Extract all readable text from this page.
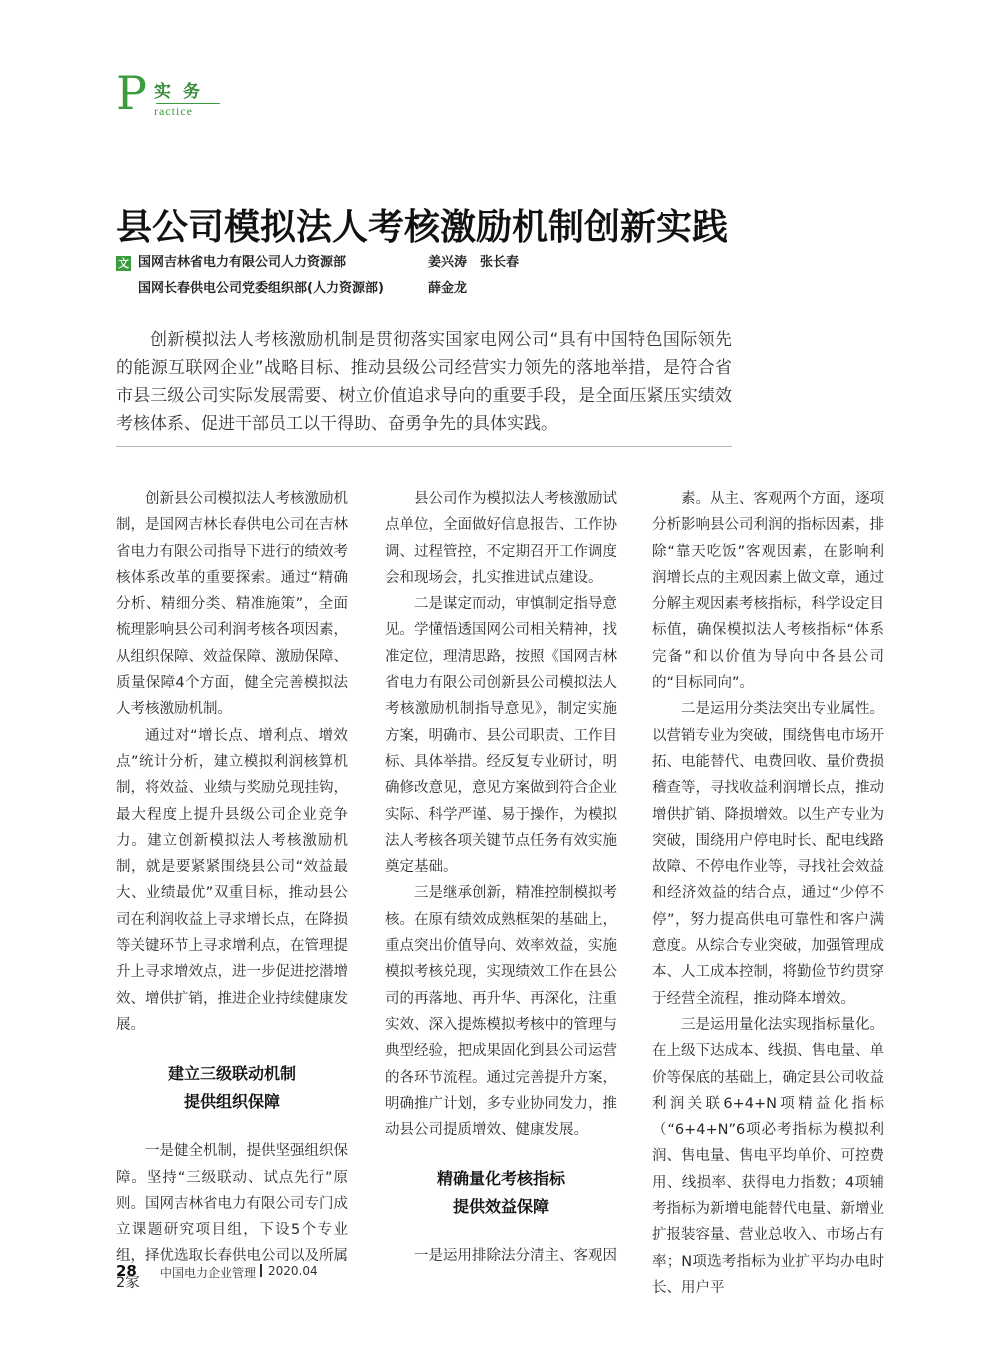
P 实务
ractice
县公司模拟法人考核激励机制创新实践
文 国网吉林省电力有限公司人力资源部	姜兴涛　张长春
国网长春供电公司党委组织部(人力资源部)	薛金龙

创新模拟法人考核激励机制是贯彻落实国家电网公司“具有中国特色国际领先的能源互联网企业”战略目标、推动县级公司经营实力领先的落地举措，是符合省市县三级公司实际发展需要、树立价值追求导向的重要手段，是全面压紧压实绩效考核体系、促进干部员工以干得助、奋勇争先的具体实践。

创新县公司模拟法人考核激励机制，是国网吉林长春供电公司在吉林省电力有限公司指导下进行的绩效考核体系改革的重要探索。通过“精确分析、精细分类、精准施策”，全面梳理影响县公司利润考核各项因素，从组织保障、效益保障、激励保障、质量保障4个方面，健全完善模拟法人考核激励机制。

通过对“增长点、增利点、增效点”统计分析，建立模拟利润核算机制，将效益、业绩与奖励兑现挂钩，最大程度上提升县级公司企业竞争力。建立创新模拟法人考核激励机制，就是要紧紧围绕县公司“效益最大、业绩最优”双重目标，推动县公司在利润收益上寻求增长点，在降损等关键环节上寻求增利点，在管理提升上寻求增效点，进一步促进挖潜增效、增供扩销，推进企业持续健康发展。

建立三级联动机制
提供组织保障

一是健全机制，提供坚强组织保障。坚持“三级联动、试点先行”原则。国网吉林省电力有限公司专门成立课题研究项目组，下设5个专业组，择优选取长春供电公司以及所属2家

县公司作为模拟法人考核激励试点单位，全面做好信息报告、工作协调、过程管控，不定期召开工作调度会和现场会，扎实推进试点建设。

二是谋定而动，审慎制定指导意见。学懂悟透国网公司相关精神，找准定位，理清思路，按照《国网吉林省电力有限公司创新县公司模拟法人考核激励机制指导意见》，制定实施方案，明确市、县公司职责、工作目标、具体举措。经反复专业研讨，明确修改意见，意见方案做到符合企业实际、科学严谨、易于操作，为模拟法人考核各项关键节点任务有效实施奠定基础。

三是继承创新，精准控制模拟考核。在原有绩效成熟框架的基础上，重点突出价值导向、效率效益，实施模拟考核兑现，实现绩效工作在县公司的再落地、再升华、再深化，注重实效、深入提炼模拟考核中的管理与典型经验，把成果固化到县公司运营的各环节流程。通过完善提升方案，明确推广计划，多专业协同发力，推动县公司提质增效、健康发展。

精确量化考核指标
提供效益保障

一是运用排除法分清主、客观因

素。从主、客观两个方面，逐项分析影响县公司利润的指标因素，排除“靠天吃饭”客观因素，在影响利润增长点的主观因素上做文章，通过分解主观因素考核指标，科学设定目标值，确保模拟法人考核指标“体系完备”和以价值为导向中各县公司的“目标同向”。

二是运用分类法突出专业属性。以营销专业为突破，围绕售电市场开拓、电能替代、电费回收、量价费损稽查等，寻找收益利润增长点，推动增供扩销、降损增效。以生产专业为突破，围绕用户停电时长、配电线路故障、不停电作业等，寻找社会效益和经济效益的结合点，通过“少停不停”，努力提高供电可靠性和客户满意度。从综合专业突破，加强管理成本、人工成本控制，将勤俭节约贯穿于经营全流程，推动降本增效。

三是运用量化法实现指标量化。在上级下达成本、线损、售电量、单价等保底的基础上，确定县公司收益利润关联6+4+N项精益化指标（“6+4+N”6项必考指标为模拟利润、售电量、售电平均单价、可控费用、线损率、获得电力指数；4项辅考指标为新增电能替代电量、新增业扩报装容量、营业总收入、市场占有率；N项选考指标为业扩平均办电时长、用户平

28 中国电力企业管理 2020.04
